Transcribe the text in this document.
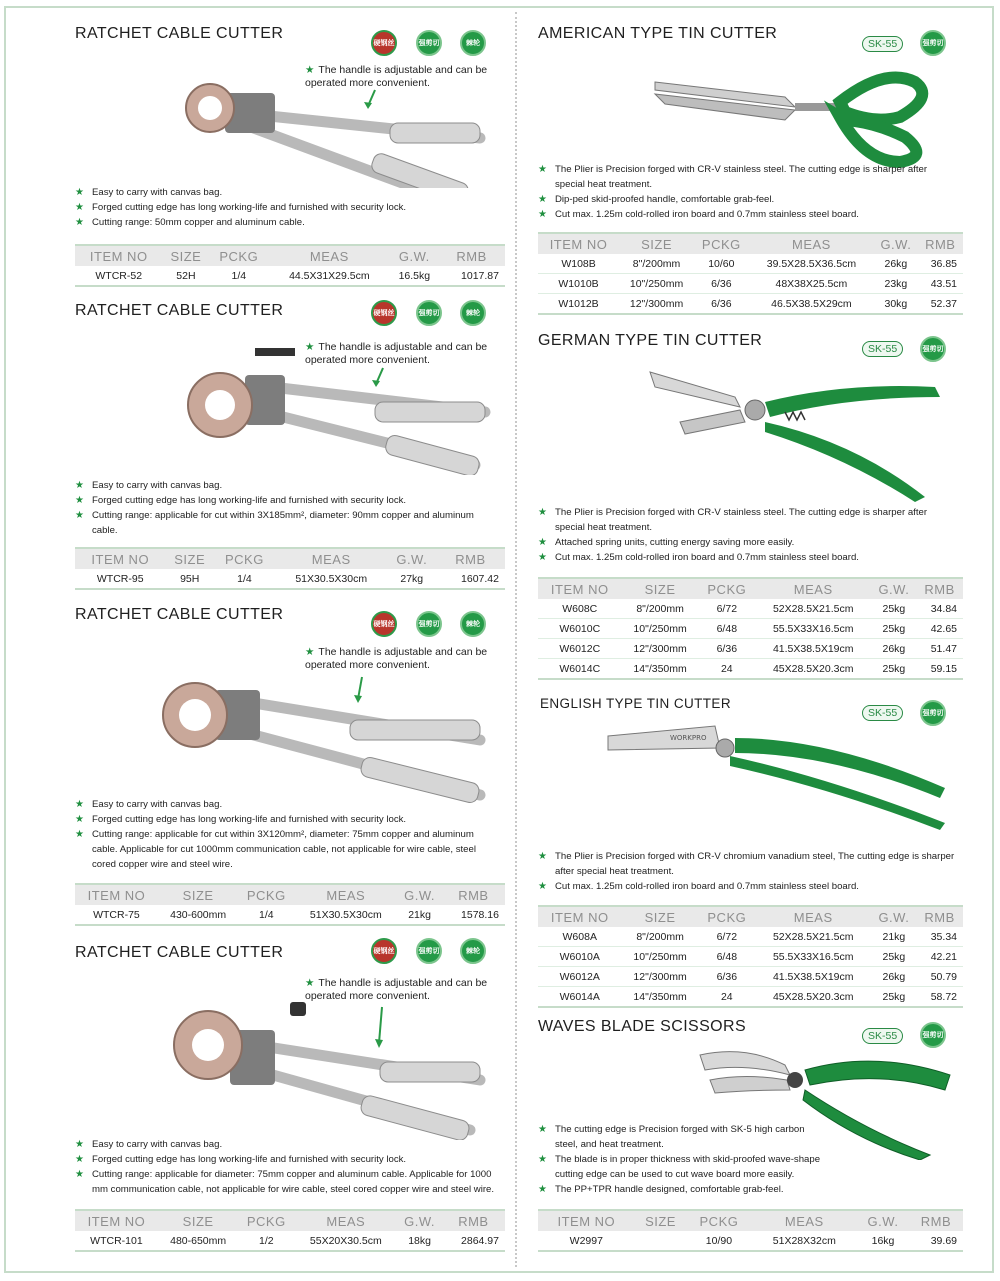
RATCHET CABLE CUTTER
硬钢丝	强剪切	棘轮
★ The handle is adjustable and can be operated more convenient.
★ Easy to carry with canvas bag.
★ Forged cutting edge has long working-life and furnished with security lock.
★ Cutting range: 50mm copper and aluminum cable.
ITEM NO	SIZE	PCKG	MEAS	G.W.	RMB
WTCR-52	52H	1/4	44.5X31X29.5cm	16.5kg	1017.87
RATCHET CABLE CUTTER	硬钢丝	强剪切	棘轮
★ The handle is adjustable and can be operated more convenient.
★ Easy to carry with canvas bag.
★ Forged cutting edge has long working-life and furnished with security lock.
★ Cutting range: applicable for cut within 3X185mm², diameter: 90mm copper and aluminum cable.
ITEM NO	SIZE	PCKG	MEAS	G.W.	RMB
WTCR-95	95H	1/4	51X30.5X30cm	27kg	1607.42
RATCHET CABLE CUTTER
硬钢丝	强剪切	棘轮
★ The handle is adjustable and can be operated more convenient.
★ Easy to carry with canvas bag.
★ Forged cutting edge has long working-life and furnished with security lock.
★ Cutting range: applicable for cut within 3X120mm², diameter: 75mm copper and aluminum cable. Applicable for cut 1000mm communication cable, not applicable for wire cable, steel cored copper wire and steel wire.
ITEM NO	SIZE	PCKG	MEAS	G.W.	RMB
WTCR-75	430-600mm	1/4	51X30.5X30cm	21kg	1578.16
RATCHET CABLE CUTTER	硬钢丝	强剪切	棘轮
★ The handle is adjustable and can be operated more convenient.
★ Easy to carry with canvas bag.
★ Forged cutting edge has long working-life and furnished with security lock.
★ Cutting range: applicable for diameter: 75mm copper and aluminum cable. Applicable for 1000 mm communication cable, not applicable for wire cable, steel cored copper wire and steel wire.
ITEM NO	SIZE	PCKG	MEAS	G.W.	RMB
WTCR-101	480-650mm	1/2	55X20X30.5cm	18kg	2864.97
AMERICAN TYPE TIN CUTTER
SK-55	强剪切
★ The Plier is Precision forged with CR-V stainless steel. The cutting edge is sharper after special heat treatment.
★ Dip-ped skid-proofed handle, comfortable grab-feel.
★ Cut max. 1.25m cold-rolled iron board and 0.7mm stainless steel board.
ITEM NO	SIZE	PCKG	MEAS	G.W.	RMB
W108B	8"/200mm	10/60	39.5X28.5X36.5cm	26kg	36.85
W1010B	10"/250mm	6/36	48X38X25.5cm	23kg	43.51
W1012B	12"/300mm	6/36	46.5X38.5X29cm	30kg	52.37
GERMAN TYPE TIN CUTTER	SK-55	强剪切
★ The Plier is Precision forged with CR-V stainless steel. The cutting edge is sharper after special heat treatment.
★ Attached spring units, cutting energy saving more easily.
★ Cut max. 1.25m cold-rolled iron board and 0.7mm stainless steel board.
ITEM NO	SIZE	PCKG	MEAS	G.W.	RMB
W608C	8"/200mm	6/72	52X28.5X21.5cm	25kg	34.84
W6010C	10"/250mm	6/48	55.5X33X16.5cm	25kg	42.65
W6012C	12"/300mm	6/36	41.5X38.5X19cm	26kg	51.47
W6014C	14"/350mm	24	45X28.5X20.3cm	25kg	59.15
ENGLISH TYPE TIN CUTTER
SK-55	强剪切
WORKPRO
★ The Plier is Precision forged with CR-V chromium vanadium steel, The cutting edge is sharper after special heat treatment.
★ Cut max. 1.25m cold-rolled iron board and 0.7mm stainless steel board.
ITEM NO	SIZE	PCKG	MEAS	G.W.	RMB
W608A	8"/200mm	6/72	52X28.5X21.5cm	21kg	35.34
W6010A	10"/250mm	6/48	55.5X33X16.5cm	25kg	42.21
W6012A	12"/300mm	6/36	41.5X38.5X19cm	26kg	50.79
W6014A	14"/350mm	24	45X28.5X20.3cm	25kg	58.72
WAVES BLADE SCISSORS
SK-55	强剪切
★ The cutting edge is Precision forged with SK-5 high carbon steel, and heat treatment.
★ The blade is in proper thickness with skid-proofed wave-shape cutting edge can be used to cut wave board more easily.
★ The PP+TPR handle designed, comfortable grab-feel.
ITEM NO	SIZE	PCKG	MEAS	G.W.	RMB
W2997		10/90	51X28X32cm	16kg	39.69
